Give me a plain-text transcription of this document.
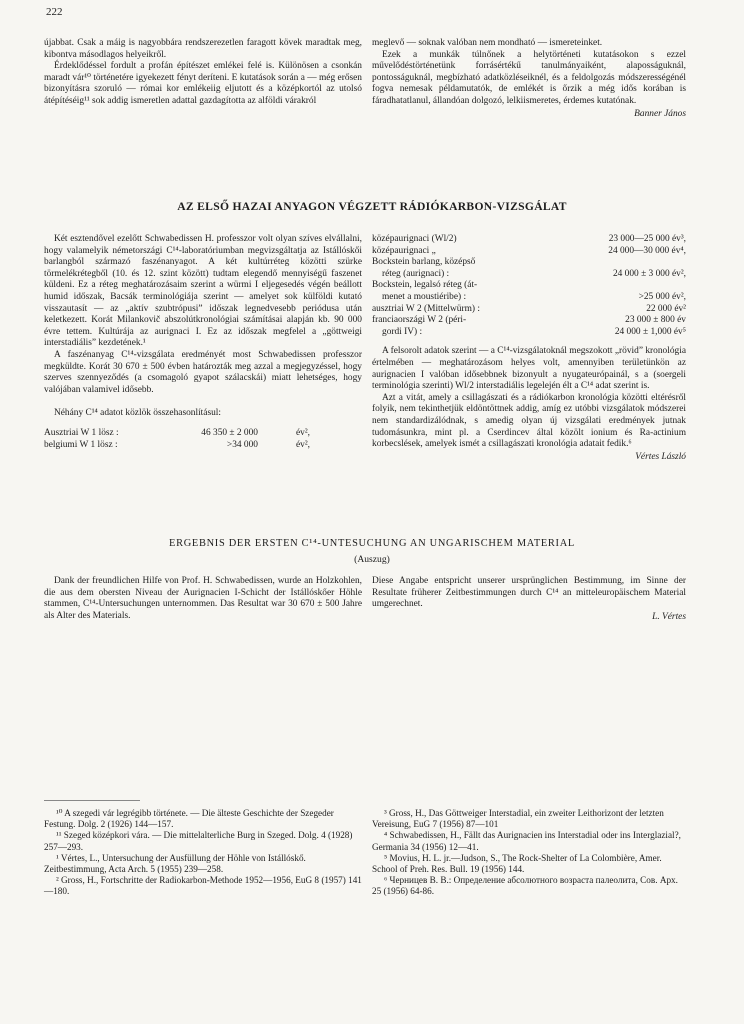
222

újabbat. Csak a máig is nagyobbára rendszerezetlen faragott kövek maradtak meg, kibontva másodlagos helyeikről.

Érdeklődéssel fordult a profán építészet emlékei felé is. Különösen a csonkán maradt vár¹⁰ történetére igyekezett fényt deríteni. E kutatások során a — még erősen bizonyításra szoruló — római kor emlékeiig eljutott és a középkortól az utolsó átépítéséig¹¹ sok addig ismeretlen adattal gazdagította az alföldi várakról

meglevő — soknak valóban nem mondható — ismereteinket.

Ezek a munkák túlnőnek a helytörténeti kutatásokon s ezzel művelődéstörténetünk forrásértékű tanulmányaiként, alaposságuknál, pontosságuknál, megbízható adatközléseiknél, és a feldolgozás módszerességénél fogva nemesak példamutatók, de emlékét is őrzik a még idős korában is fáradhatatlanul, állandóan dolgozó, lelkiismeretes, érdemes kutatónak.

Banner János
AZ ELSŐ HAZAI ANYAGON VÉGZETT RÁDIÓKARBON-VIZSGÁLAT

Két esztendővel ezelőtt Schwabedissen H. professzor volt olyan szíves elvállalni, hogy valamelyik németországi C¹⁴-laboratóriumban megvizsgáltatja az Istállóskői barlangból származó faszénanyagot. A két kultúrréteg közötti szürke törmelékrétegből (10. és 12. szint között) tudtam elegendő mennyiségű faszenet küldeni. Ez a réteg meghatározásaim szerint a würmi I eljegesedés végén beállott humid időszak, Bacsák terminológiája szerint — amelyet sok külföldi kutató visszautasít — az „aktív szubtrópusi” időszak legnedvesebb periódusa után keletkezett. Korát Milankovič abszolútkronológiai számításai alapján kb. 90 000 évre tettem. Kultúrája az aurignaci I. Ez az időszak megfelel a „göttweigi interstadiális” kezdetének.¹

A faszénanyag C¹⁴-vizsgálata eredményét most Schwabedissen professzor megküldte. Korát 30 670 ± 500 évben határozták meg azzal a megjegyzéssel, hogy szerves szennyeződés (a csomagoló gyapot szálacskái) miatt lehetséges, hogy valójában valamivel idősebb.

Néhány C¹⁴ adatot közlök összehasonlításul:

Ausztriai W 1 lösz :	46 350 ± 2 000	év²,
belgiumi W 1 lösz :	>34 000	év²,
középaurignaci (Wl/2)	23 000—25 000 év³,
középaurignaci „	24 000—30 000 év⁴,
Bockstein barlang, középső
réteg (aurignaci) :	24 000 ± 3 000 év²,
Bockstein, legalsó réteg (át-
menet a moustiéribe) :	>25 000 év²,
ausztriai W 2 (Mittelwürm) :	22 000 év²
franciaországi W 2 (péri-	23 000 ± 800 év
gordi IV) :	24 000 ± 1,000 év⁵

A felsorolt adatok szerint — a C¹⁴-vizsgálatoknál megszokott „rövid” kronológia értelmében — meghatározásom helyes volt, amennyiben területünkön az aurignacien I valóban idősebbnek bizonyult a nyugateurópainál, s a (soergeli terminológia szerinti) Wl/2 interstadiális legelején élt a C¹⁴ adat szerint is.

Azt a vitát, amely a csillagászati és a rádiókarbon kronológia közötti eltérésről folyik, nem tekinthetjük eldöntöttnek addig, amíg ez utóbbi vizsgálatok módszerei nem standardizálódnak, s amedig olyan új vizsgálati eredmények jutnak tudomásunkra, mint pl. a Cserdincev által közölt ionium és Ra-actinium korbecslések, amelyek ismét a csillagászati kronológia adatait fedik.⁶

Vértes László
ERGEBNIS DER ERSTEN C¹⁴-UNTESUCHUNG AN UNGARISCHEM MATERIAL
(Auszug)

Dank der freundlichen Hilfe von Prof. H. Schwabedissen, wurde an Holzkohlen, die aus dem obersten Niveau der Aurignacien I-Schicht der Istállóskőer Höhle stammen, C¹⁴-Untersuchungen unternommen. Das Resultat war 30 670 ± 500 Jahre als Alter des Materials.

Diese Angabe entspricht unserer ursprünglichen Bestimmung, im Sinne der Resultate früherer Zeitbestimmungen durch C¹⁴ an mitteleuropäischem Material umgerechnet.

L. Vértes

¹⁰ A szegedi vár legrégibb története. — Die älteste Geschichte der Szegeder Festung. Dolg. 2 (1926) 144—157.

¹¹ Szeged középkori vára. — Die mittelalterliche Burg in Szeged. Dolg. 4 (1928) 257—293.

¹ Vértes, L., Untersuchung der Ausfüllung der Höhle von Istállóskő. Zeitbestimmung, Acta Arch. 5 (1955) 239—258.

² Gross, H., Fortschritte der Radiokarbon-Methode 1952—1956, EuG 8 (1957) 141—180.

³ Gross, H., Das Göttweiger Interstadial, ein zweiter Leithorizont der letzten Vereisung, EuG 7 (1956) 87—101

⁴ Schwabedissen, H., Fällt das Aurignacien ins Interstadial oder ins Interglazial?, Germania 34 (1956) 12—41.

⁵ Movius, H. L. jr.—Judson, S., The Rock-Shelter of La Colombière, Amer. School of Preh. Res. Bull. 19 (1956) 144.

⁶ Черницев В. В.: Определение абсолютного возраста палеолита, Сов. Арх. 25 (1956) 64-86.
